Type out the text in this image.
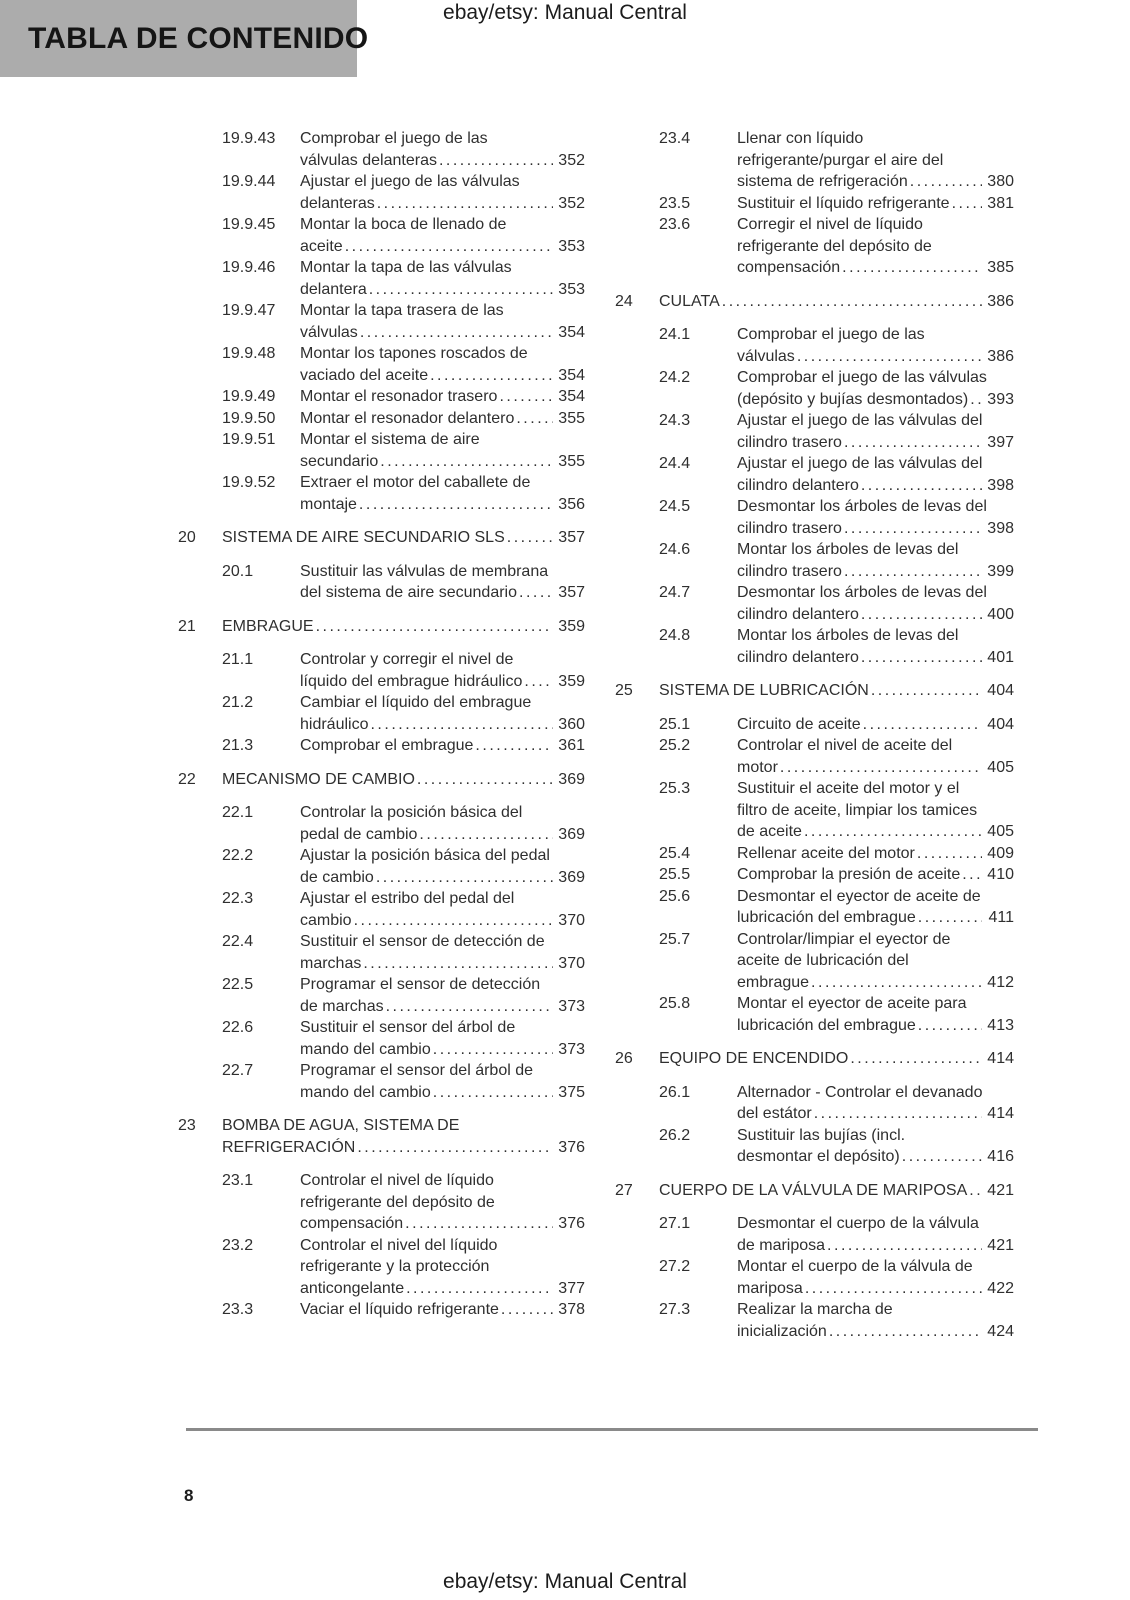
ebay/etsy: Manual Central
TABLA DE CONTENIDO
19.9.43	Comprobar el juego de las
válvulas delanteras .....	352
19.9.44	Ajustar el juego de las válvulas
delanteras .....	352
19.9.45	Montar la boca de llenado de
aceite .....	353
19.9.46	Montar la tapa de las válvulas
delantera .....	353
19.9.47	Montar la tapa trasera de las
válvulas .....	354
19.9.48	Montar los tapones roscados de
vaciado del aceite .....	354
19.9.49	Montar el resonador trasero .....	354
19.9.50	Montar el resonador delantero .....	355
19.9.51	Montar el sistema de aire
secundario .....	355
19.9.52	Extraer el motor del caballete de
montaje .....	356
20	SISTEMA DE AIRE SECUNDARIO SLS .....	357
20.1	Sustituir las válvulas de membrana
del sistema de aire secundario .....	357
21	EMBRAGUE .....	359
21.1	Controlar y corregir el nivel de
líquido del embrague hidráulico ..... 359
21.2	Cambiar el líquido del embrague
hidráulico .....	360
21.3	Comprobar el embrague .....	361
22	MECANISMO DE CAMBIO .....	369
22.1	Controlar la posición básica del
pedal de cambio .....	369
22.2	Ajustar la posición básica del pedal
de cambio .....	369
22.3	Ajustar el estribo del pedal del
cambio .....	370
22.4	Sustituir el sensor de detección de
marchas .....	370
22.5	Programar el sensor de detección
de marchas .....	373
22.6	Sustituir el sensor del árbol de
mando del cambio .....	373
22.7	Programar el sensor del árbol de
mando del cambio .....	375
23	BOMBA DE AGUA, SISTEMA DE
REFRIGERACIÓN .....	376
23.1	Controlar el nivel de líquido
refrigerante del depósito de
compensación .....	376
23.2	Controlar el nivel del líquido
refrigerante y la protección
anticongelante .....	377
23.3	Vaciar el líquido refrigerante .....	378
23.4	Llenar con líquido
refrigerante/purgar el aire del
sistema de refrigeración .....	380
23.5	Sustituir el líquido refrigerante ..... 381
23.6	Corregir el nivel de líquido
refrigerante del depósito de
compensación .....	385
24	CULATA .....	386
24.1	Comprobar el juego de las
válvulas .....	386
24.2	Comprobar el juego de las válvulas
(depósito y bujías desmontados) ..... 393
24.3	Ajustar el juego de las válvulas del
cilindro trasero .....	397
24.4	Ajustar el juego de las válvulas del
cilindro delantero .....	398
24.5	Desmontar los árboles de levas del
cilindro trasero .....	398
24.6	Montar los árboles de levas del
cilindro trasero .....	399
24.7	Desmontar los árboles de levas del
cilindro delantero .....	400
24.8	Montar los árboles de levas del
cilindro delantero .....	401
25	SISTEMA DE LUBRICACIÓN .....	404
25.1	Circuito de aceite .....	404
25.2	Controlar el nivel de aceite del
motor .....	405
25.3	Sustituir el aceite del motor y el
filtro de aceite, limpiar los tamices
de aceite .....	405
25.4	Rellenar aceite del motor .....	409
25.5	Comprobar la presión de aceite ..... 410
25.6	Desmontar el eyector de aceite de
lubricación del embrague .....	411
25.7	Controlar/limpiar el eyector de
aceite de lubricación del
embrague .....	412
25.8	Montar el eyector de aceite para
lubricación del embrague .....	413
26	EQUIPO DE ENCENDIDO .....	414
26.1	Alternador - Controlar el devanado
del estátor .....	414
26.2	Sustituir las bujías (incl.
desmontar el depósito) .....	416
27	CUERPO DE LA VÁLVULA DE MARIPOSA ..... 421
27.1	Desmontar el cuerpo de la válvula
de mariposa .....	421
27.2	Montar el cuerpo de la válvula de
mariposa .....	422
27.3	Realizar la marcha de
inicialización .....	424
8
ebay/etsy: Manual Central
